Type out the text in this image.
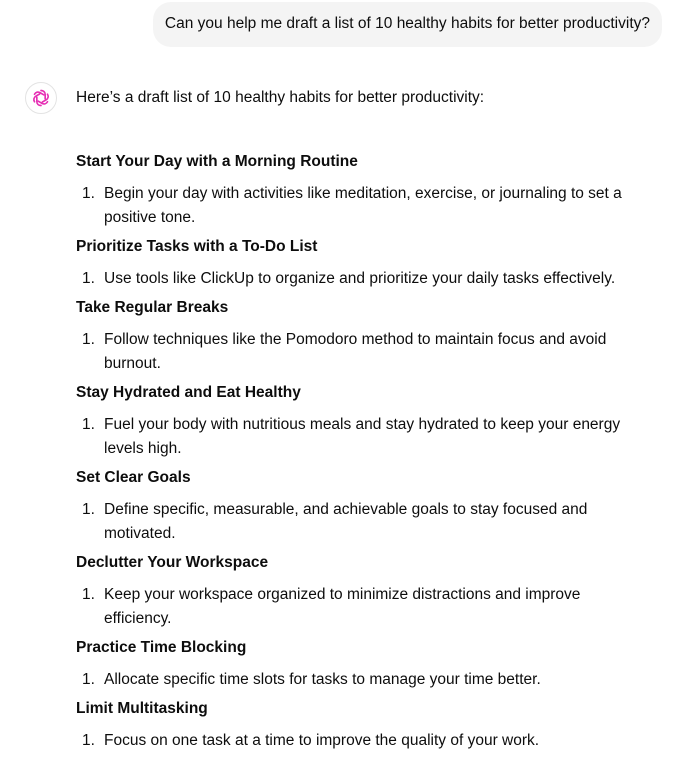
Can you help me draft a list of 10 healthy habits for better productivity?

Here’s a draft list of 10 healthy habits for better productivity:

Start Your Day with a Morning Routine
1. Begin your day with activities like meditation, exercise, or journaling to set a positive tone.
Prioritize Tasks with a To-Do List
1. Use tools like ClickUp to organize and prioritize your daily tasks effectively.
Take Regular Breaks
1. Follow techniques like the Pomodoro method to maintain focus and avoid burnout.
Stay Hydrated and Eat Healthy
1. Fuel your body with nutritious meals and stay hydrated to keep your energy levels high.
Set Clear Goals
1. Define specific, measurable, and achievable goals to stay focused and motivated.
Declutter Your Workspace
1. Keep your workspace organized to minimize distractions and improve efficiency.
Practice Time Blocking
1. Allocate specific time slots for tasks to manage your time better.
Limit Multitasking
1. Focus on one task at a time to improve the quality of your work.
